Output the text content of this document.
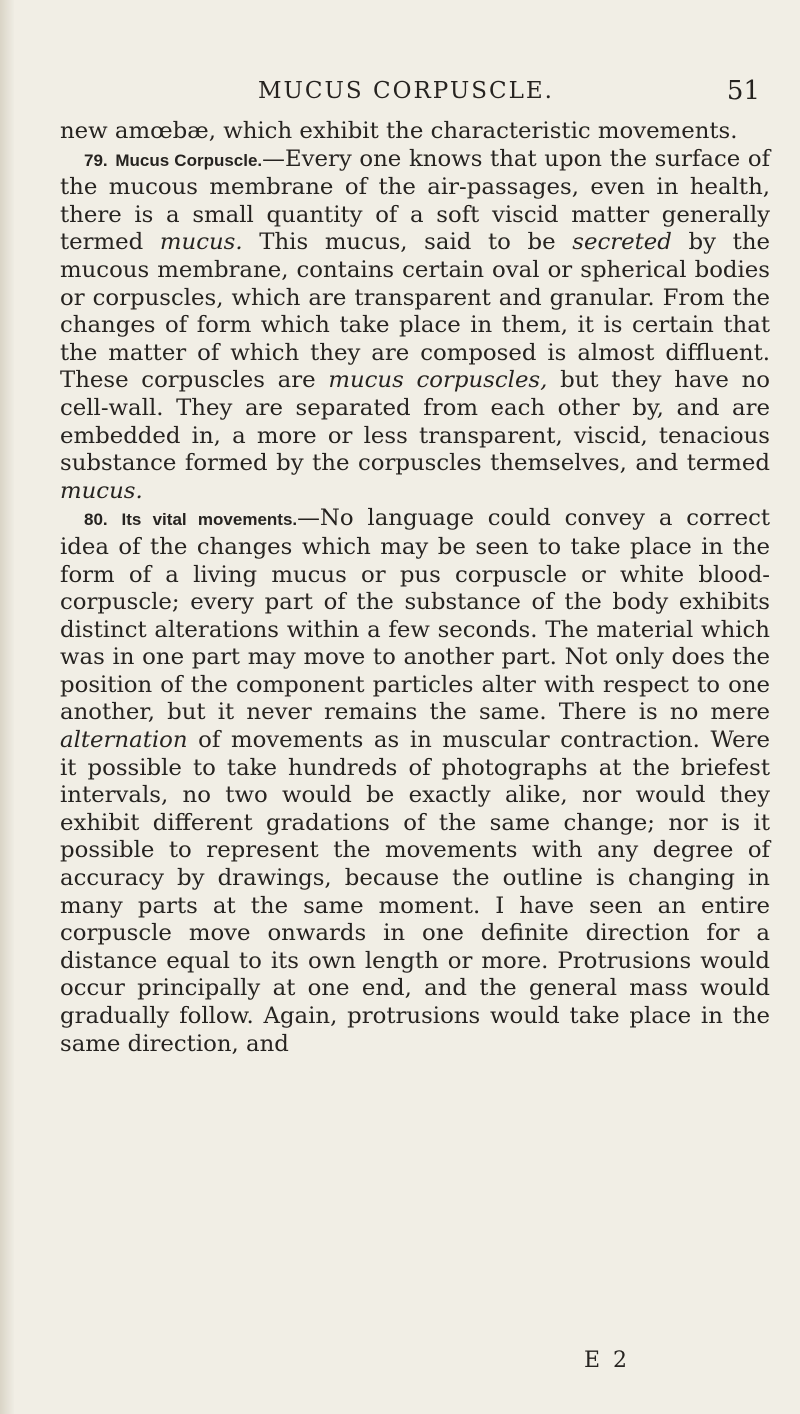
MUCUS CORPUSCLE.	51

new amœbæ, which exhibit the characteristic movements.

79. Mucus Corpuscle.—Every one knows that upon the surface of the mucous membrane of the air-passages, even in health, there is a small quantity of a soft viscid matter generally termed mucus. This mucus, said to be secreted by the mucous membrane, contains certain oval or spherical bodies or corpuscles, which are transparent and granular. From the changes of form which take place in them, it is certain that the matter of which they are composed is almost diffluent. These corpuscles are mucus corpuscles, but they have no cell-wall. They are separated from each other by, and are embedded in, a more or less transparent, viscid, tenacious substance formed by the corpuscles themselves, and termed mucus.

80. Its vital movements.—No language could convey a correct idea of the changes which may be seen to take place in the form of a living mucus or pus corpuscle or white blood-corpuscle; every part of the substance of the body exhibits distinct alterations within a few seconds. The material which was in one part may move to another part. Not only does the position of the component particles alter with respect to one another, but it never remains the same. There is no mere alternation of movements as in muscular contraction. Were it possible to take hundreds of photographs at the briefest intervals, no two would be exactly alike, nor would they exhibit different gradations of the same change; nor is it possible to represent the movements with any degree of accuracy by drawings, because the outline is changing in many parts at the same moment. I have seen an entire corpuscle move onwards in one definite direction for a distance equal to its own length or more. Protrusions would occur principally at one end, and the general mass would gradually follow. Again, protrusions would take place in the same direction, and

E 2
